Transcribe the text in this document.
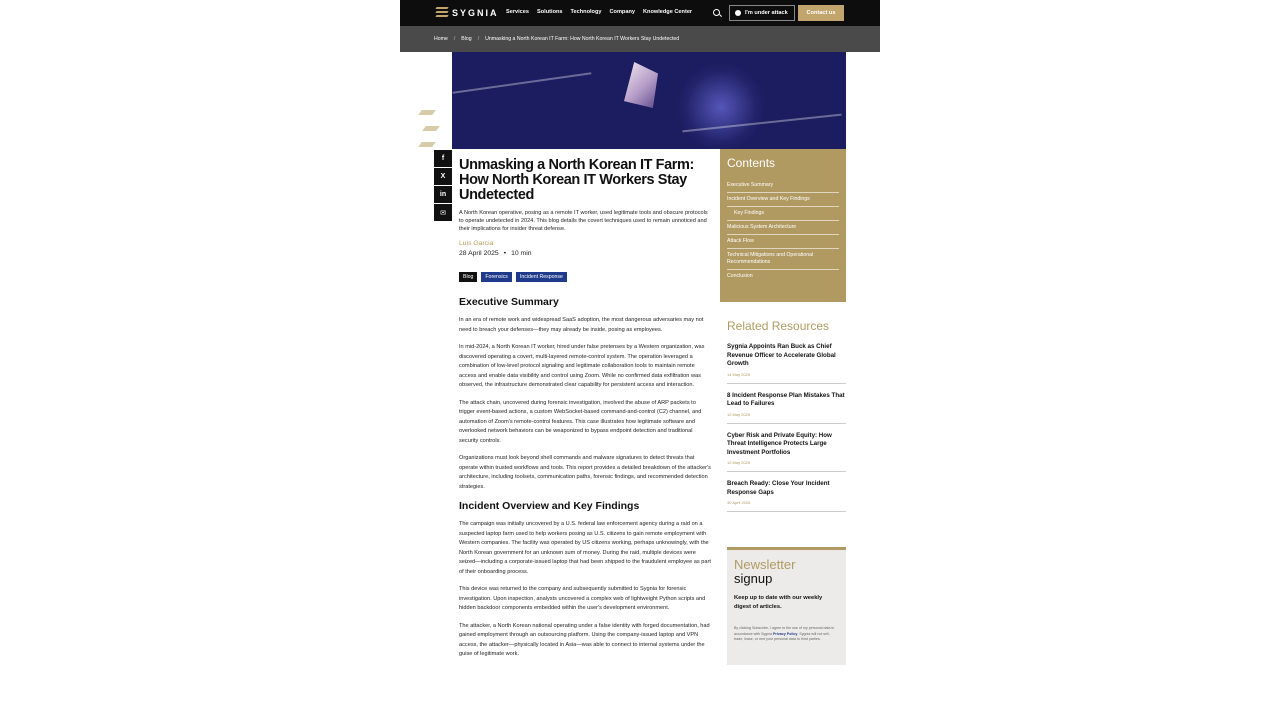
SYGNIA Services Solutions Technology Company Knowledge Center	I'm under attack	Contact us
Home / Blog / Unmasking a North Korean IT Farm: How North Korean IT Workers Stay Undetected
f
X
in
✉
Unmasking a North Korean IT Farm: How North Korean IT Workers Stay Undetected

A North Korean operative, posing as a remote IT worker, used legitimate tools and obscure protocols to operate undetected in 2024. This blog details the covert techniques used to remain unnoticed and their implications for insider threat defense.

Luis Garcia
28 April 2025 • 10 min
Blog	Forensics	Incident Response
Executive Summary

In an era of remote work and widespread SaaS adoption, the most dangerous adversaries may not need to breach your defenses—they may already be inside, posing as employees.

In mid-2024, a North Korean IT worker, hired under false pretenses by a Western organization, was discovered operating a covert, multi-layered remote-control system. The operation leveraged a combination of low-level protocol signaling and legitimate collaboration tools to maintain remote access and enable data visibility and control using Zoom. While no confirmed data exfiltration was observed, the infrastructure demonstrated clear capability for persistent access and interaction.

The attack chain, uncovered during forensic investigation, involved the abuse of ARP packets to trigger event-based actions, a custom WebSocket-based command-and-control (C2) channel, and automation of Zoom's remote-control features. This case illustrates how legitimate software and overlooked network behaviors can be weaponized to bypass endpoint detection and traditional security controls.

Organizations must look beyond shell commands and malware signatures to detect threats that operate within trusted workflows and tools. This report provides a detailed breakdown of the attacker's architecture, including toolsets, communication paths, forensic findings, and recommended detection strategies.

Incident Overview and Key Findings

The campaign was initially uncovered by a U.S. federal law enforcement agency during a raid on a suspected laptop farm used to help workers posing as U.S. citizens to gain remote employment with Western companies. The facility was operated by US citizens working, perhaps unknowingly, with the North Korean government for an unknown sum of money. During the raid, multiple devices were seized—including a corporate-issued laptop that had been shipped to the fraudulent employee as part of their onboarding process.

This device was returned to the company and subsequently submitted to Sygnia for forensic investigation. Upon inspection, analysts uncovered a complex web of lightweight Python scripts and hidden backdoor components embedded within the user's development environment.

The attacker, a North Korean national operating under a false identity with forged documentation, had gained employment through an outsourcing platform. Using the company-issued laptop and VPN access, the attacker—physically located in Asia—was able to connect to internal systems under the guise of legitimate work.

Contents
Executive Summary
Incident Overview and Key Findings
Key Findings
Malicious System Architecture
Attack Flow
Technical Mitigations and Operational Recommendations
Conclusion
Related Resources
Sygnia Appoints Ran Buck as Chief Revenue Officer to Accelerate Global Growth
14 May 2026
8 Incident Response Plan Mistakes That Lead to Failures
12 May 2026
Cyber Risk and Private Equity: How Threat Intelligence Protects Large Investment Portfolios
12 May 2026
Breach Ready: Close Your Incident Response Gaps
30 April 2026
Newsletter
signup
Keep up to date with our weekly digest of articles.
By clicking Subscribe, I agree to the use of my personal data in accordance with Sygnia Privacy Policy. Sygnia will not sell, trade, lease, or rent your personal data to third parties.
